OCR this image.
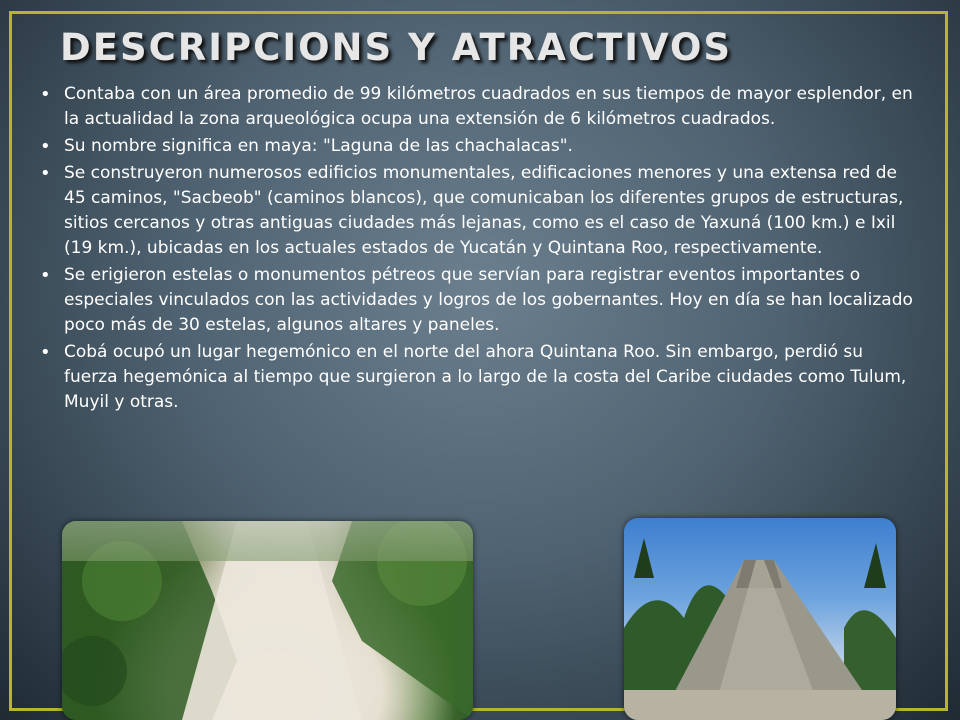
DESCRIPCIONS Y ATRACTIVOS
• Contaba con un área promedio de 99 kilómetros cuadrados en sus tiempos de mayor esplendor, en la actualidad la zona arqueológica ocupa una extensión de 6 kilómetros cuadrados.
• Su nombre significa en maya: "Laguna de las chachalacas".
• Se construyeron numerosos edificios monumentales, edificaciones menores y una extensa red de 45 caminos, "Sacbeob" (caminos blancos), que comunicaban los diferentes grupos de estructuras, sitios cercanos y otras antiguas ciudades más lejanas, como es el caso de Yaxuná (100 km.) e Ixil (19 km.), ubicadas en los actuales estados de Yucatán y Quintana Roo, respectivamente.
• Se erigieron estelas o monumentos pétreos que servían para registrar eventos importantes o especiales vinculados con las actividades y logros de los gobernantes. Hoy en día se han localizado poco más de 30 estelas, algunos altares y paneles.
• Cobá ocupó un lugar hegemónico en el norte del ahora Quintana Roo. Sin embargo, perdió su fuerza hegemónica al tiempo que surgieron a lo largo de la costa del Caribe ciudades como Tulum, Muyil y otras.
